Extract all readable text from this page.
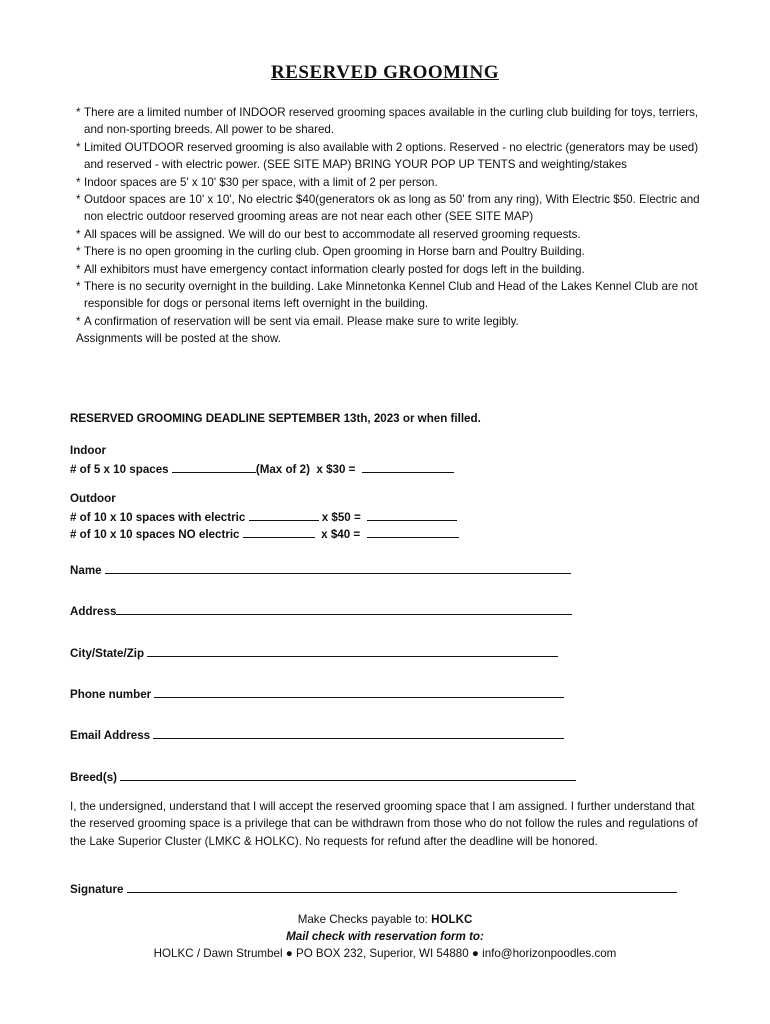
RESERVED GROOMING
* There are a limited number of INDOOR reserved grooming spaces available in the curling club building for toys, terriers, and non-sporting breeds. All power to be shared.
* Limited OUTDOOR reserved grooming is also available with 2 options. Reserved - no electric (generators may be used) and reserved - with electric power. (SEE SITE MAP) BRING YOUR POP UP TENTS and weighting/stakes
* Indoor spaces are 5' x 10' $30 per space, with a limit of 2 per person.
* Outdoor spaces are 10' x 10', No electric $40(generators ok as long as 50' from any ring), With Electric $50. Electric and non electric outdoor reserved grooming areas are not near each other (SEE SITE MAP)
* All spaces will be assigned. We will do our best to accommodate all reserved grooming requests.
* There is no open grooming in the curling club. Open grooming in Horse barn and Poultry Building.
* All exhibitors must have emergency contact information clearly posted for dogs left in the building.
* There is no security overnight in the building. Lake Minnetonka Kennel Club and Head of the Lakes Kennel Club are not responsible for dogs or personal items left overnight in the building.
* A confirmation of reservation will be sent via email. Please make sure to write legibly.
Assignments will be posted at the show.
RESERVED GROOMING DEADLINE SEPTEMBER 13th, 2023 or when filled.
Indoor
# of 5 x 10 spaces	(Max of 2)  x $30 =
Outdoor
# of 10 x 10 spaces with electric	x $50 =
# of 10 x 10 spaces NO electric	x $40 =
Name
Address
City/State/Zip
Phone number
Email Address
Breed(s)
I, the undersigned, understand that I will accept the reserved grooming space that I am assigned. I further understand that the reserved grooming space is a privilege that can be withdrawn from those who do not follow the rules and regulations of the Lake Superior Cluster (LMKC & HOLKC). No requests for refund after the deadline will be honored.
Signature
Make Checks payable to: HOLKC
Mail check with reservation form to:
HOLKC / Dawn Strumbel ● PO BOX 232, Superior, WI 54880 ● info@horizonpoodles.com
